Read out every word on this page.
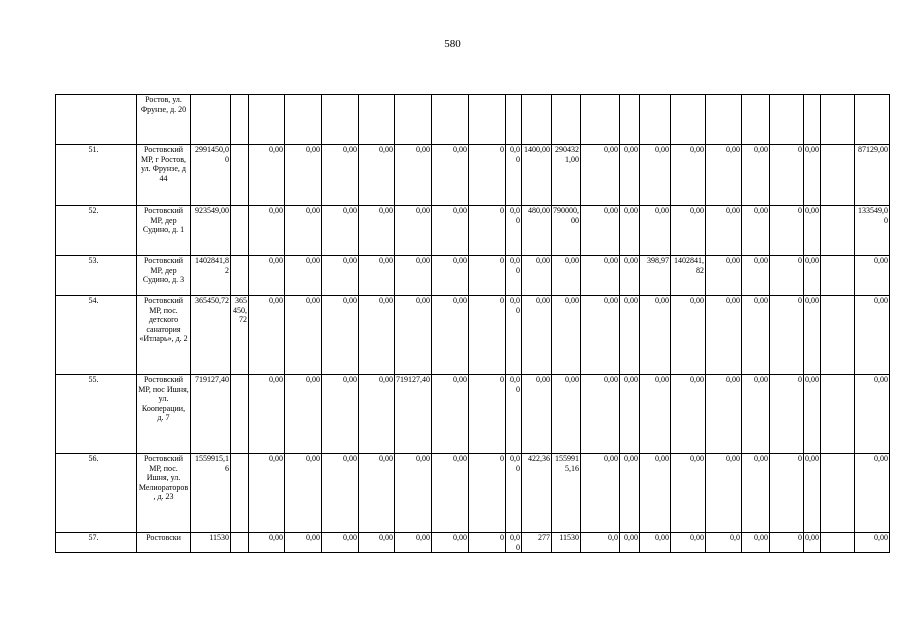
580
	Ростов, ул. Фрунзе, д. 20																						
51.	Ростовский МР, г Ростов, ул. Фрунзе, д 44	2991450,00		0,00	0,00	0,00	0,00	0,00	0,00	0	0,00	1400,00	2904321,00	0,00	0,00	0,00	0,00	0,00	0,00	0	0,00		87129,00
52.	Ростовский МР, дер Судино, д. 1	923549,00		0,00	0,00	0,00	0,00	0,00	0,00	0	0,00	480,00	790000,00	0,00	0,00	0,00	0,00	0,00	0,00	0	0,00		133549,00
53.	Ростовский МР, дер Судино, д. 3	1402841,82		0,00	0,00	0,00	0,00	0,00	0,00	0	0,00	0,00	0,00	0,00	0,00	398,97	1402841,82	0,00	0,00	0	0,00		0,00
54.	Ростовский МР, пос. детского санатория «Итларь», д. 2	365450,72	365450,72	0,00	0,00	0,00	0,00	0,00	0,00	0	0,00	0,00	0,00	0,00	0,00	0,00	0,00	0,00	0,00	0	0,00		0,00
55.	Ростовский МР, пос Ишня, ул. Кооперации, д. 7	719127,40		0,00	0,00	0,00	0,00	719127,40	0,00	0	0,00	0,00	0,00	0,00	0,00	0,00	0,00	0,00	0,00	0	0,00		0,00
56.	Ростовский МР, пос. Ишня, ул. Мелиораторов, д. 23	1559915,16		0,00	0,00	0,00	0,00	0,00	0,00	0	0,00	422,36	1559915,16	0,00	0,00	0,00	0,00	0,00	0,00	0	0,00		0,00
57.	Ростовски	11530		0,00	0,00	0,00	0,00	0,00	0,00	0	0,00	277	11530	0,0	0,00	0,00	0,00	0,0	0,00	0	0,00		0,00
